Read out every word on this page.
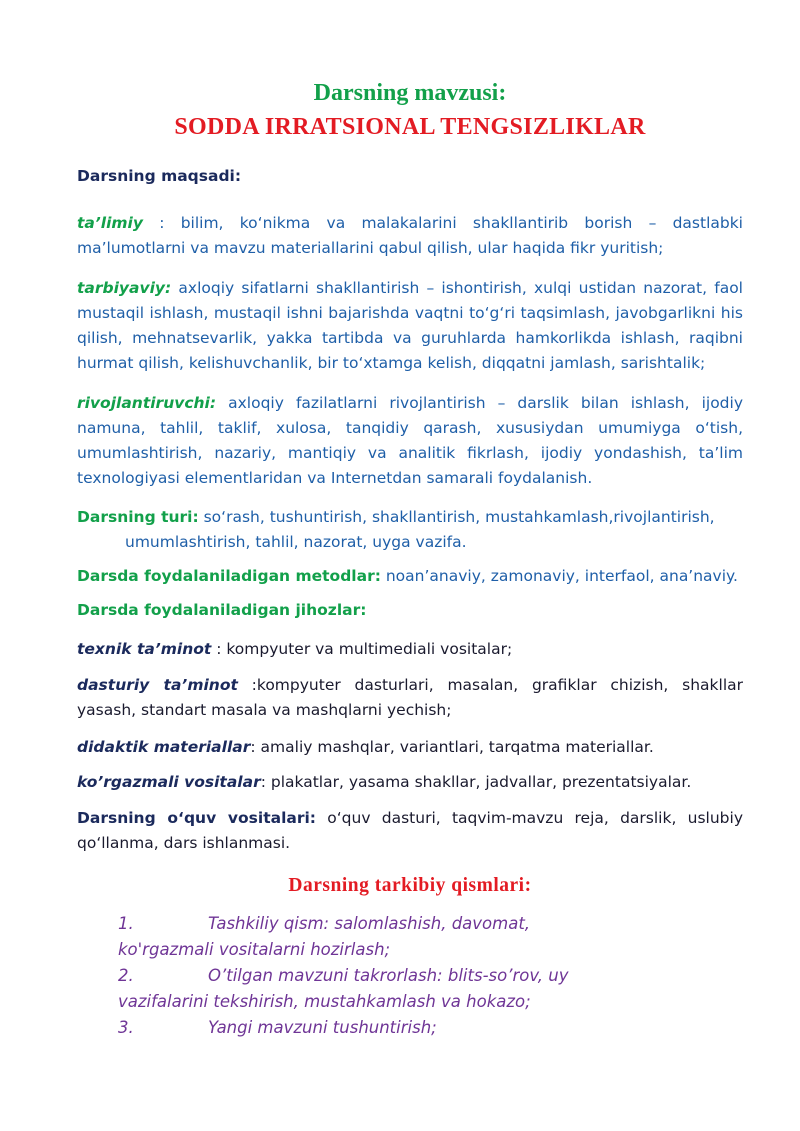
Darsning mavzusi:
SODDA IRRATSIONAL TENGSIZLIKLAR

Darsning maqsadi:

ta’limiy : bilim, ko‘nikma va malakalarini shakllantirib borish – dastlabki ma’lumotlarni va mavzu materiallarini qabul qilish, ular haqida fikr yuritish;

tarbiyaviy: axloqiy sifatlarni shakllantirish – ishontirish, xulqi ustidan nazorat, faol mustaqil ishlash, mustaqil ishni bajarishda vaqtni to‘g‘ri taqsimlash, javobgarlikni his qilish, mehnatsevarlik, yakka tartibda va guruhlarda hamkorlikda ishlash, raqibni hurmat qilish, kelishuvchanlik, bir to‘xtamga kelish, diqqatni jamlash, sarishtalik;

rivojlantiruvchi: axloqiy fazilatlarni rivojlantirish – darslik bilan ishlash, ijodiy namuna, tahlil, taklif, xulosa, tanqidiy qarash, xususiydan umumiyga o‘tish, umumlashtirish, nazariy, mantiqiy va analitik fikrlash, ijodiy yondashish, ta’lim texnologiyasi elementlaridan va Internetdan samarali foydalanish.

Darsning turi: so‘rash, tushuntirish, shakllantirish, mustahkamlash,rivojlantirish,
umumlashtirish, tahlil, nazorat, uyga vazifa.

Darsda foydalaniladigan metodlar: noan’anaviy, zamonaviy, interfaol, ana’naviy.

Darsda foydalaniladigan jihozlar:

texnik ta’minot : kompyuter va multimediali vositalar;

dasturiy ta’minot :kompyuter dasturlari, masalan, grafiklar chizish, shakllar yasash, standart masala va mashqlarni yechish;

didaktik materiallar: amaliy mashqlar, variantlari, tarqatma materiallar.

ko’rgazmali vositalar: plakatlar, yasama shakllar, jadvallar, prezentatsiyalar.

Darsning o‘quv vositalari: o‘quv dasturi, taqvim-mavzu reja, darslik, uslubiy qo‘llanma, dars ishlanmasi.

Darsning tarkibiy qismlari:
1.	Tashkiliy qism: salomlashish, davomat,
ko'rgazmali vositalarni hozirlash;
2.	O’tilgan mavzuni takrorlash: blits-so’rov, uy
vazifalarini tekshirish, mustahkamlash va hokazo;
3.	Yangi mavzuni tushuntirish;
